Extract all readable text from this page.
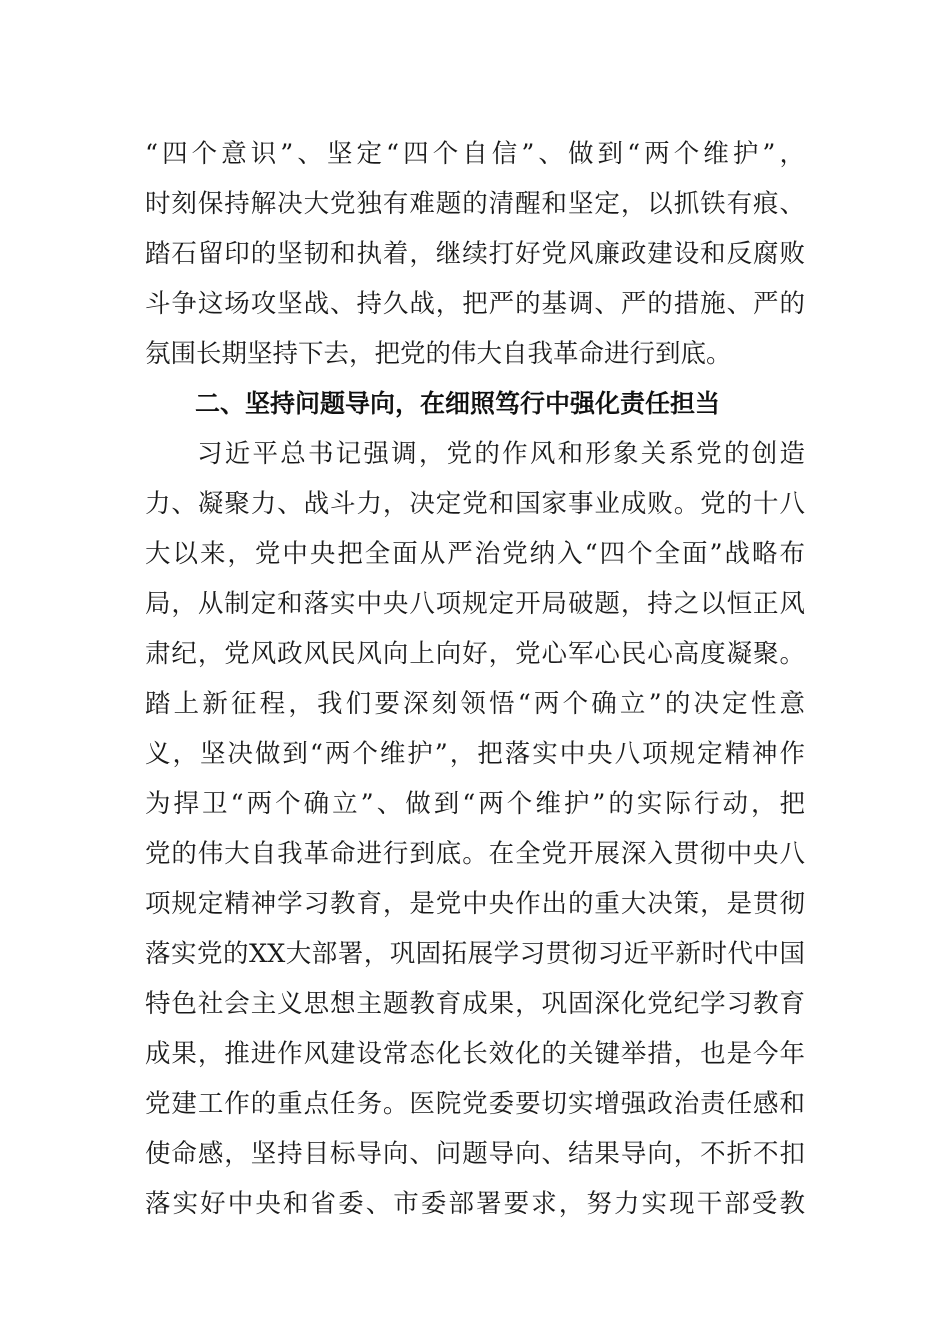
“四个意识”、坚定“四个自信”、做到“两个维护”，
时刻保持解决大党独有难题的清醒和坚定，以抓铁有痕、
踏石留印的坚韧和执着，继续打好党风廉政建设和反腐败
斗争这场攻坚战、持久战，把严的基调、严的措施、严的
氛围长期坚持下去，把党的伟大自我革命进行到底。
二、坚持问题导向，在细照笃行中强化责任担当
习近平总书记强调，党的作风和形象关系党的创造
力、凝聚力、战斗力，决定党和国家事业成败。党的十八
大以来，党中央把全面从严治党纳入“四个全面”战略布
局，从制定和落实中央八项规定开局破题，持之以恒正风
肃纪，党风政风民风向上向好，党心军心民心高度凝聚。
踏上新征程，我们要深刻领悟“两个确立”的决定性意
义，坚决做到“两个维护”，把落实中央八项规定精神作
为捍卫“两个确立”、做到“两个维护”的实际行动，把
党的伟大自我革命进行到底。在全党开展深入贯彻中央八
项规定精神学习教育，是党中央作出的重大决策，是贯彻
落实党的XX大部署，巩固拓展学习贯彻习近平新时代中国
特色社会主义思想主题教育成果，巩固深化党纪学习教育
成果，推进作风建设常态化长效化的关键举措，也是今年
党建工作的重点任务。医院党委要切实增强政治责任感和
使命感，坚持目标导向、问题导向、结果导向，不折不扣
落实好中央和省委、市委部署要求，努力实现干部受教
